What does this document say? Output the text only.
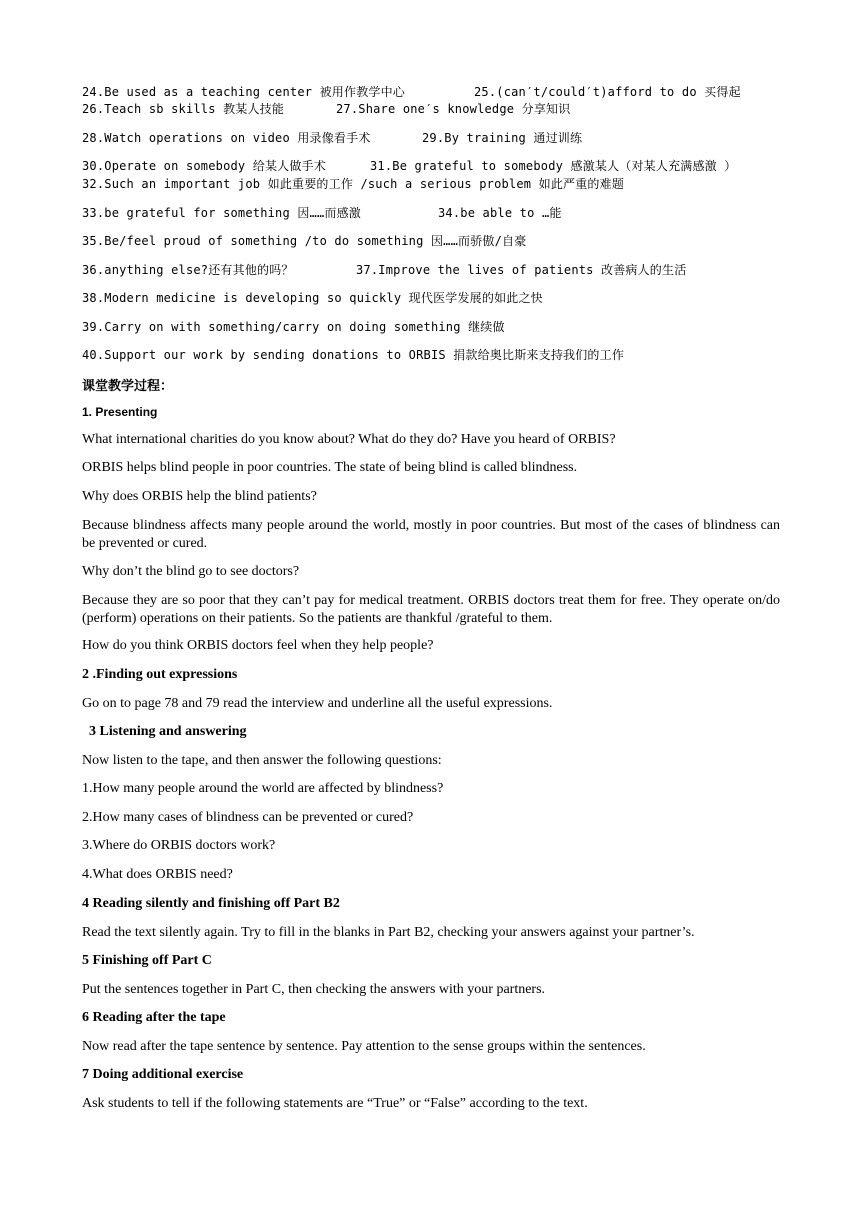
24.Be used as a teaching center 被用作教学中心	25.(can′t/could′t)afford to do 买得起
26.Teach sb skills 教某人技能	27.Share one′s knowledge 分享知识
28.Watch operations on video 用录像看手术	29.By training 通过训练
30.Operate on somebody 给某人做手术	31.Be grateful to somebody 感激某人（对某人充满感激 ）
32.Such an important job 如此重要的工作 /such a serious problem 如此严重的难题
33.be grateful for something 因……而感激	34.be able to …能
35.Be/feel proud of something /to do something 因……而骄傲/自豪
36.anything else?还有其他的吗？	37.Improve the lives of patients 改善病人的生活
38.Modern medicine is developing so quickly 现代医学发展的如此之快
39.Carry on with something/carry on doing something 继续做
40.Support our work by sending donations to ORBIS 捐款给奥比斯来支持我们的工作
课堂教学过程：
1. Presenting
What international charities do you know about? What do they do? Have you heard of ORBIS?
ORBIS helps blind people in poor countries. The state of being blind is called blindness.
Why does ORBIS help the blind patients?
Because blindness affects many people around the world, mostly in poor countries. But most of the cases of blindness can be prevented or cured.
Why don’t the blind go to see doctors?
Because they are so poor that they can’t pay for medical treatment. ORBIS doctors treat them for free. They operate on/do (perform) operations on their patients. So the patients are thankful /grateful to them.
How do you think ORBIS doctors feel when they help people?
2 .Finding out expressions
Go on to page 78 and 79 read the interview and underline all the useful expressions.
3 Listening and answering
Now listen to the tape, and then answer the following questions:
1.How many people around the world are affected by blindness?
2.How many cases of blindness can be prevented or cured?
3.Where do ORBIS doctors work?
4.What does ORBIS need?
4 Reading silently and finishing off Part B2
Read the text silently again. Try to fill in the blanks in Part B2, checking your answers against your partner’s.
5 Finishing off Part C
Put the sentences together in Part C, then checking the answers with your partners.
6 Reading after the tape
Now read after the tape sentence by sentence. Pay attention to the sense groups within the sentences.
7 Doing additional exercise
Ask students to tell if the following statements are “True” or “False” according to the text.
